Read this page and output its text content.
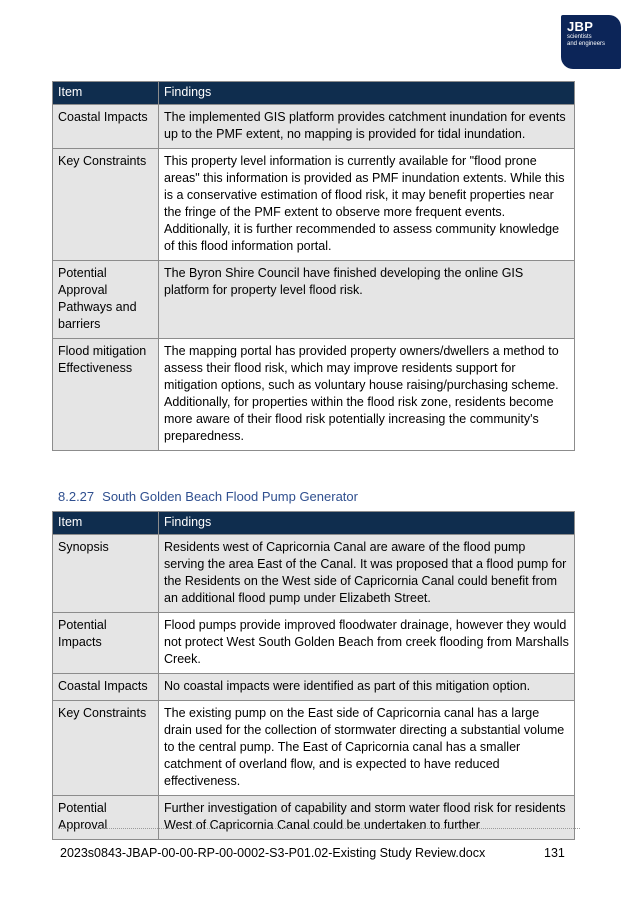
JBP
scientists
and engineers
Item	Findings
Coastal Impacts	The implemented GIS platform provides catchment inundation for events up to the PMF extent, no mapping is provided for tidal inundation.
Key Constraints	This property level information is currently available for "flood prone areas" this information is provided as PMF inundation extents. While this is a conservative estimation of flood risk, it may benefit properties near the fringe of the PMF extent to observe more frequent events. Additionally, it is further recommended to assess community knowledge of this flood information portal.
Potential Approval Pathways and barriers	The Byron Shire Council have finished developing the online GIS platform for property level flood risk.
Flood mitigation Effectiveness	The mapping portal has provided property owners/dwellers a method to assess their flood risk, which may improve residents support for mitigation options, such as voluntary house raising/purchasing scheme. Additionally, for properties within the flood risk zone, residents become more aware of their flood risk potentially increasing the community's preparedness.
8.2.27 South Golden Beach Flood Pump Generator
Item	Findings
Synopsis	Residents west of Capricornia Canal are aware of the flood pump serving the area East of the Canal. It was proposed that a flood pump for the Residents on the West side of Capricornia Canal could benefit from an additional flood pump under Elizabeth Street.
Potential Impacts	Flood pumps provide improved floodwater drainage, however they would not protect West South Golden Beach from creek flooding from Marshalls Creek.
Coastal Impacts	No coastal impacts were identified as part of this mitigation option.
Key Constraints	The existing pump on the East side of Capricornia canal has a large drain used for the collection of stormwater directing a substantial volume to the central pump. The East of Capricornia canal has a smaller catchment of overland flow, and is expected to have reduced effectiveness.
Potential Approval	Further investigation of capability and storm water flood risk for residents West of Capricornia Canal could be undertaken to further
2023s0843-JBAP-00-00-RP-00-0002-S3-P01.02-Existing Study Review.docx	131
